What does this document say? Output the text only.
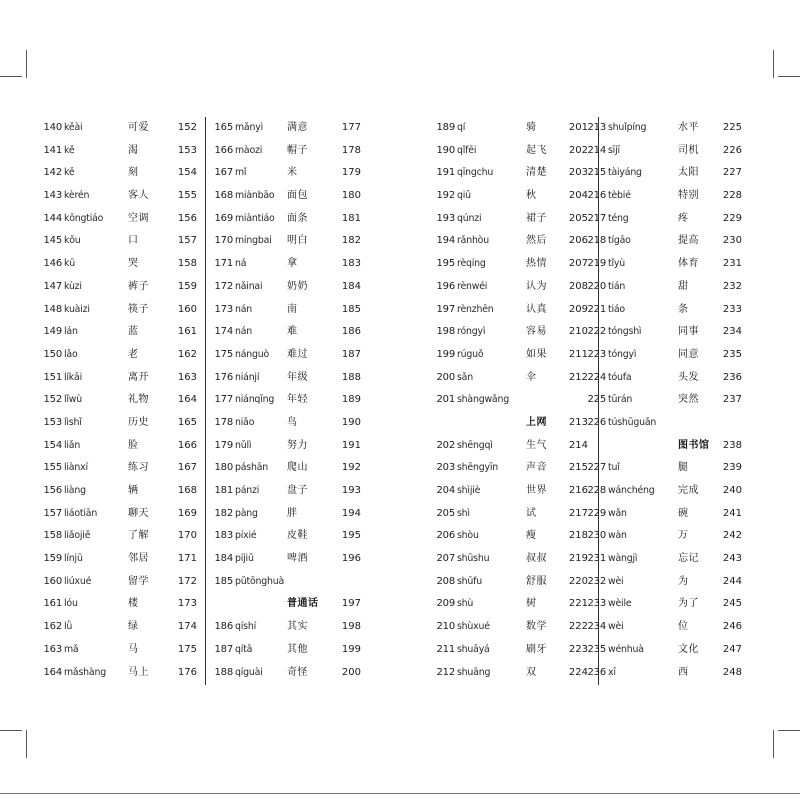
140 kěài	可爱	152
141 kě	渴	153
142 kě	刻	154
143 kèrén	客人	155
144 kōngtiáo 空调	156
145 kǒu	口	157
146 kū	哭	158
147 kùzi	裤子	159
148 kuàizi	筷子	160
149 lán	蓝	161
150 lǎo	老	162
151 líkāi	离开	163
152 lǐwù	礼物	164
153 lìshǐ	历史	165
154 liǎn	脸	166
155 liànxí	练习	167
156 liàng	辆	168
157 liáotiān	聊天	169
158 liǎojiě	了解	170
159 línjū	邻居	171
160 liúxué	留学	172
161 lóu	楼	173
162 lǜ	绿	174
163 mǎ	马	175
164 mǎshàng 马上	176
165 mǎnyì 满意	177
166 màozi 帽子	178
167 mǐ	米	179
168 miànbāo 面包	180
169 miàntiáo 面条	181
170 míngbai 明白	182
171 ná	拿	183
172 nǎinai 奶奶	184
173 nán	南	185
174 nán	难	186
175 nánguò 难过	187
176 niánjí	年级	188
177 niánqīng 年轻	189
178 niǎo	鸟	190
179 nǔlì	努力	191
180 páshān 爬山	192
181 pánzi	盘子	193
182 pàng	胖	194
183 píxié	皮鞋	195
184 píjiǔ	啤酒	196
185 pǔtōnghuà
普通话	197
186 qíshí	其实	198
187 qítā	其他	199
188 qíguài 奇怪	200
189 qí	骑	201
190 qǐfēi	起飞	202
191 qīngchu	清楚	203
192 qiū	秋	204
193 qúnzi	裙子	205
194 rǎnhòu	然后	206
195 rèqíng	热情	207
196 rènwéi	认为	208
197 rènzhēn	认真	209
198 róngyì	容易	210
199 rúguǒ	如果	211
200 sǎn	伞	212
201 shàngwǎng
上网	213
202 shēngqì	生气	214
203 shēngyīn	声音	215
204 shìjiè	世界	216
205 shì	试	217
206 shòu	瘦	218
207 shūshu	叔叔	219
208 shūfu	舒服	220
209 shù	树	221
210 shùxué	数学	222
211 shuāyá	刷牙	223
212 shuāng	双	224
213 shuǐpíng	水平	225
214 sījī	司机	226
215 tàiyáng	太阳	227
216 tèbié	特别	228
217 téng	疼	229
218 tígāo	提高	230
219 tǐyù	体育	231
220 tián	甜	232
221 tiáo	条	233
222 tóngshì	同事	234
223 tóngyì	同意	235
224 tóufa	头发	236
225 tūrán	突然	237
226 túshūguǎn
图书馆	238
227 tuǐ	腿	239
228 wánchéng 完成	240
229 wǎn	碗	241
230 wàn	万	242
231 wàngjì	忘记	243
232 wèi	为	244
233 wèile	为了	245
234 wèi	位	246
235 wénhuà	文化	247
236 xī	西	248
